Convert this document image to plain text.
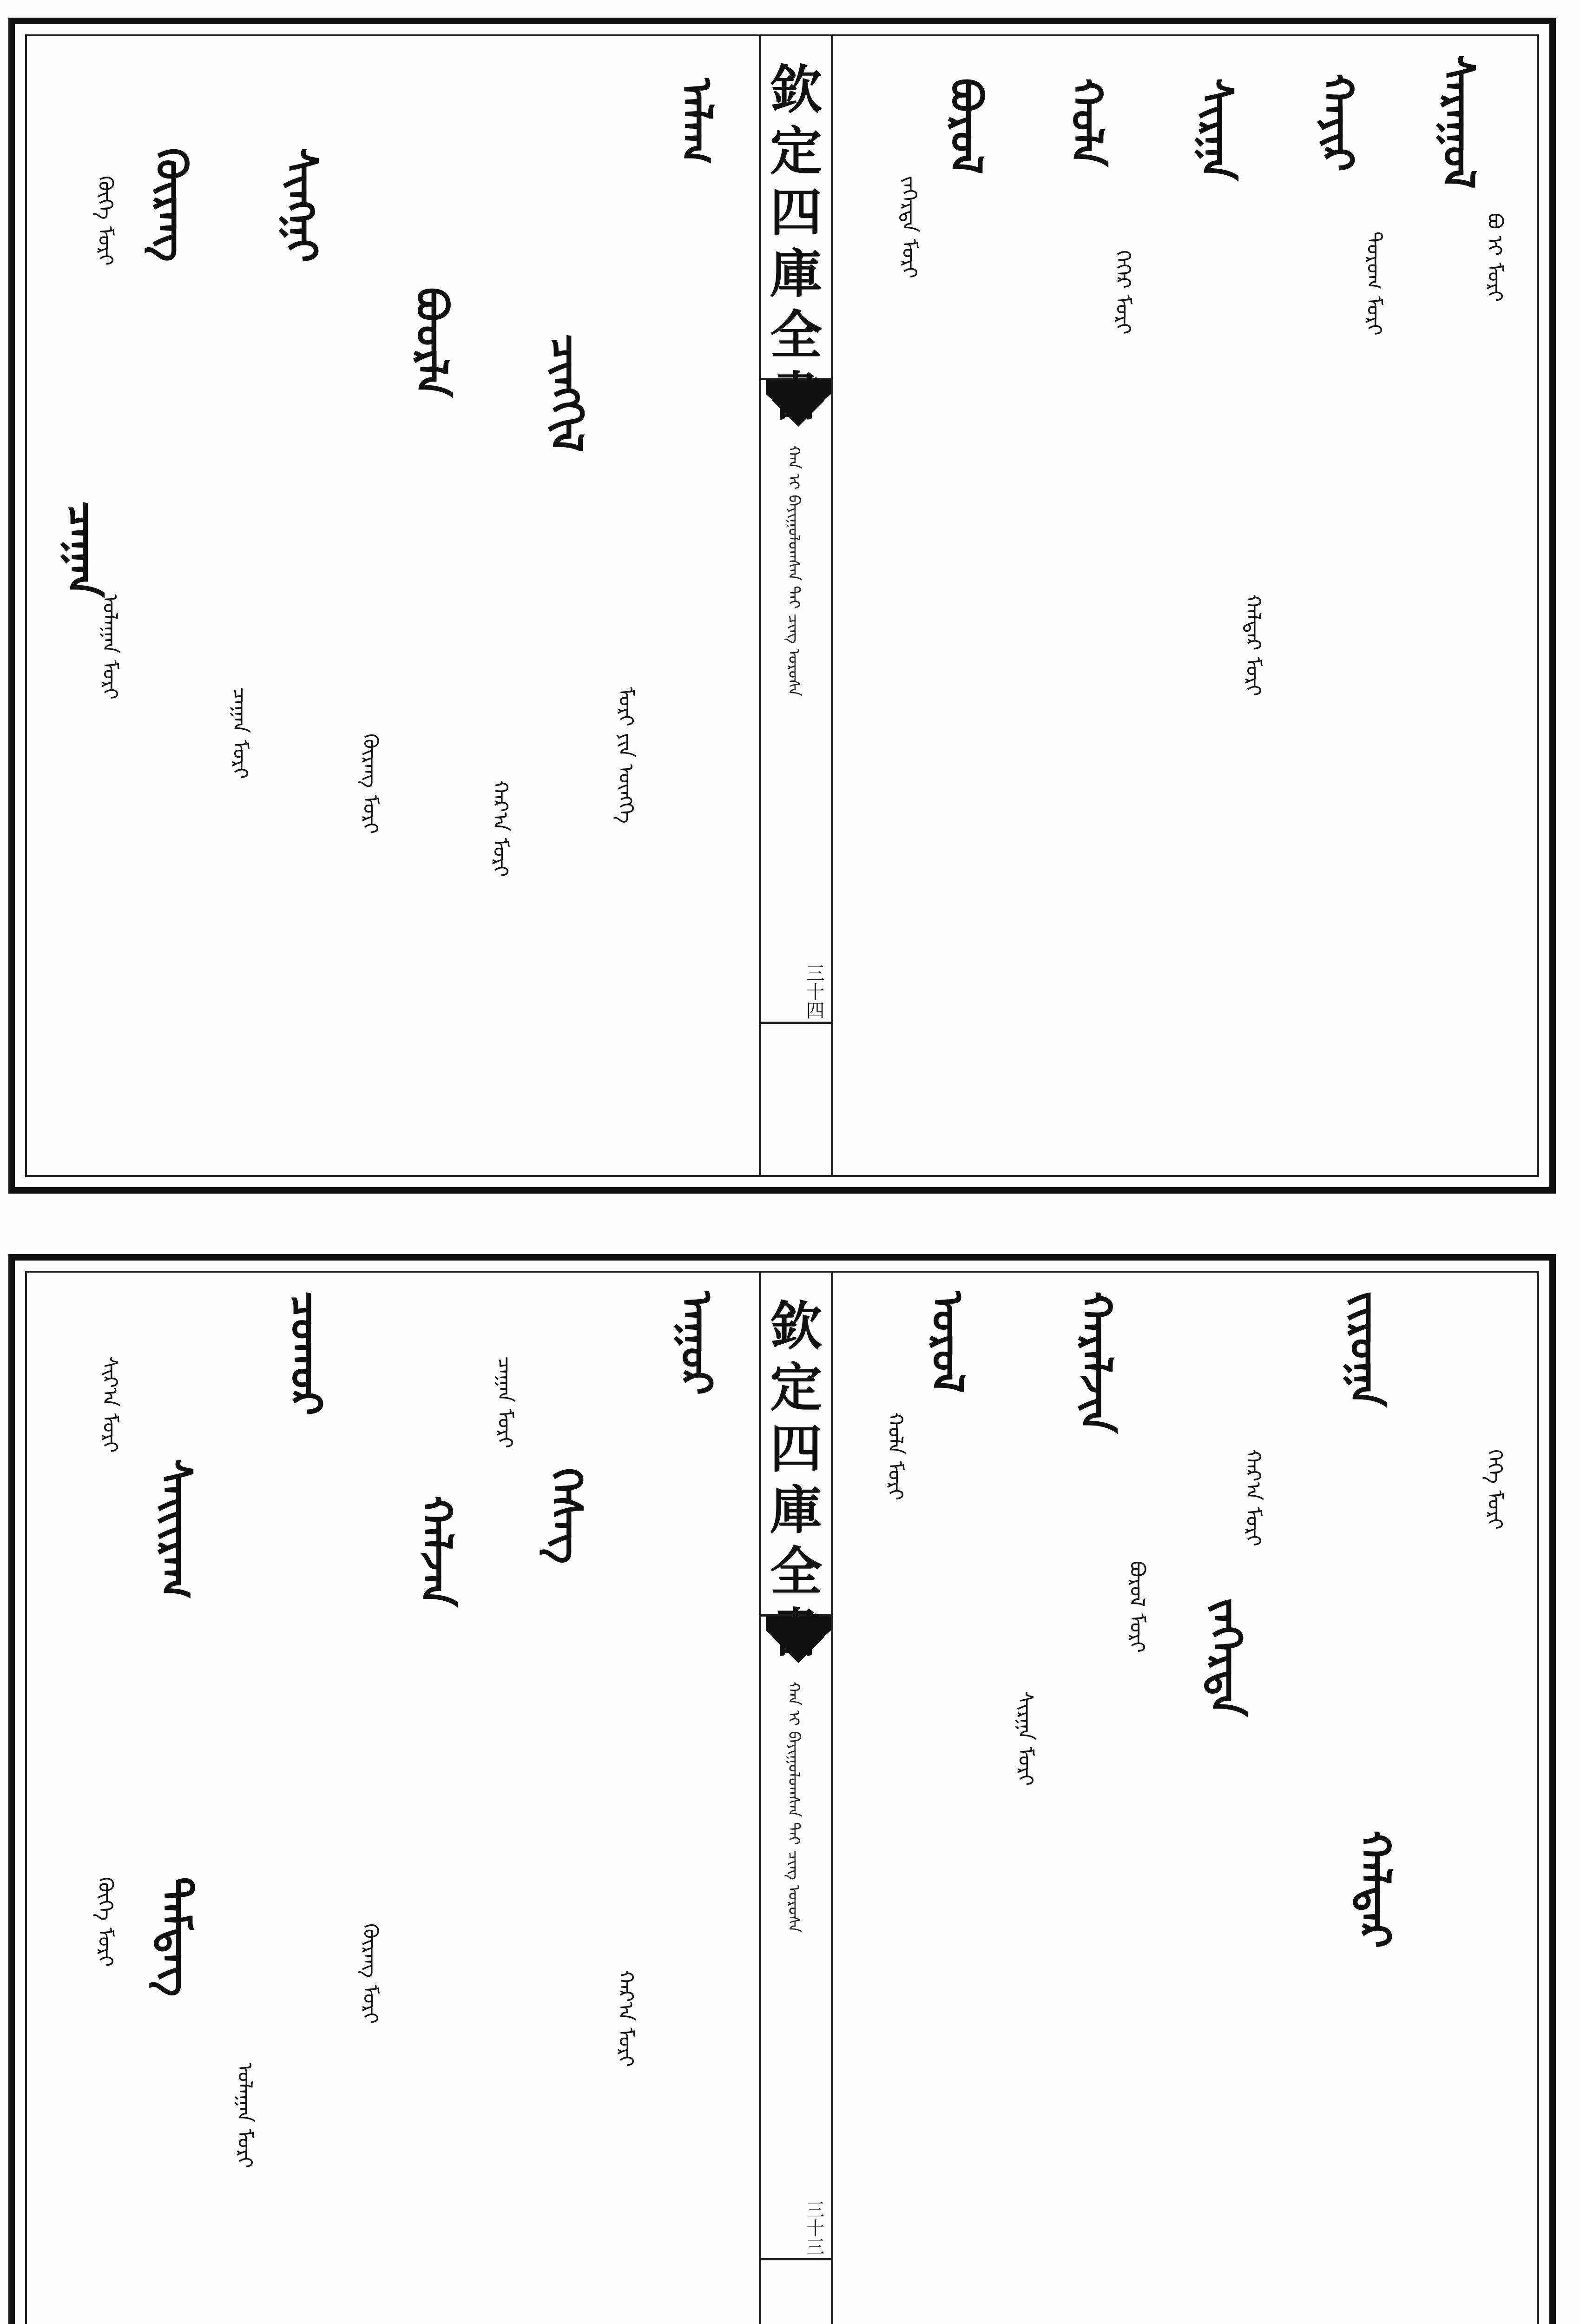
欽
定
四
庫
全
ᠬᠠᠨ ᠢ ᠪᠠᠶᠢᠭᠤᠯᠤᠭᠰᠠᠨ ᠳᠠᠢ ᠴᠢᠩ ᠤᠷᠤᠰᠠ
三十四
ᠰᠠᠷᠠᠭᠤᠯ
ᠪᠤ ᠢ ᠮᠤᠷᠢ
ᠬᠠᠶᠢᠷ
ᠲᠤᠷᠤᠭ ᠮᠤᠷᠢ
ᠰᠢᠷᠭᠠ
ᠬᠠᠯᠲᠠᠷ ᠮᠤᠷᠢ
ᠬᠤᠯᠠ
ᠬᠡᠭᠡᠷ ᠮᠤᠷᠢ
ᠪᠤᠷᠤᠯ
ᠵᠡᠭᠡᠷᠳᠡ ᠮᠤᠷᠢ
ᠠᠯᠠᠭ
ᠮᠤᠷᠢ ᠶᠢᠨ ᠦᠩᠭᠡ
ᠴᠢᠩᠭᠢᠯ
ᠬᠠᠷ᠎ᠠ ᠮᠤᠷᠢ
ᠪᠤᠤᠷᠯᠠ
ᠬᠦᠷᠡᠩ ᠮᠤᠷᠢ
ᠰᠢᠩᠭ᠋ᠢ
ᠴᠠᠭᠠᠨ ᠮᠤᠷᠢ
ᠬᠦᠷᠡᠩ
ᠤᠯᠠᠭᠠᠨ ᠮᠤᠷᠢ
ᠴᠠᠭᠠᠨ
ᠬᠦᠬᠡ ᠮᠤᠷᠢ
欽
定
四
庫
全
ᠬᠠᠨ ᠢ ᠪᠠᠶᠢᠭᠤᠯᠤᠭᠰᠠᠨ ᠳᠠᠢ ᠴᠢᠩ ᠤᠷᠤᠰᠠ
三十三
ᠭᠡᠭᠡ ᠮᠤᠷᠢ
ᠵᠢᠷᠤᠭᠠ
ᠬᠠᠯᠲᠠᠷ
ᠬᠠᠷ᠎ᠠ ᠮᠤᠷᠢ
ᠵᠡᠭᠡᠷᠳᠡ
ᠪᠤᠷᠤᠯ ᠮᠤᠷᠢ
ᠬᠠᠷᠠᠯᠵᠢᠨ
ᠰᠢᠷᠭᠠ ᠮᠤᠷᠢ
ᠤᠷᠤᠯ
ᠬᠤᠯᠠ ᠮᠤᠷᠢ
ᠠᠭᠤᠷ
ᠬᠠᠷ᠎ᠠ ᠮᠤᠷᠢ
ᠬᠡᠰᠡᠭ
ᠴᠠᠭᠠᠨ ᠮᠤᠷᠢ
ᠬᠠᠯᠵᠠᠨ
ᠬᠦᠷᠡᠩ ᠮᠤᠷᠢ
ᠴᠤᠬᠤᠷ
ᠤᠯᠠᠭᠠᠨ ᠮᠤᠷᠢ
ᠰᠠᠢᠢᠷᠠᠭ
ᠰᠢᠷ᠎ᠠ ᠮᠤᠷᠢ
ᠲᠡᠮᠳᠡᠭ
ᠬᠦᠬᠡ ᠮᠤᠷᠢ
